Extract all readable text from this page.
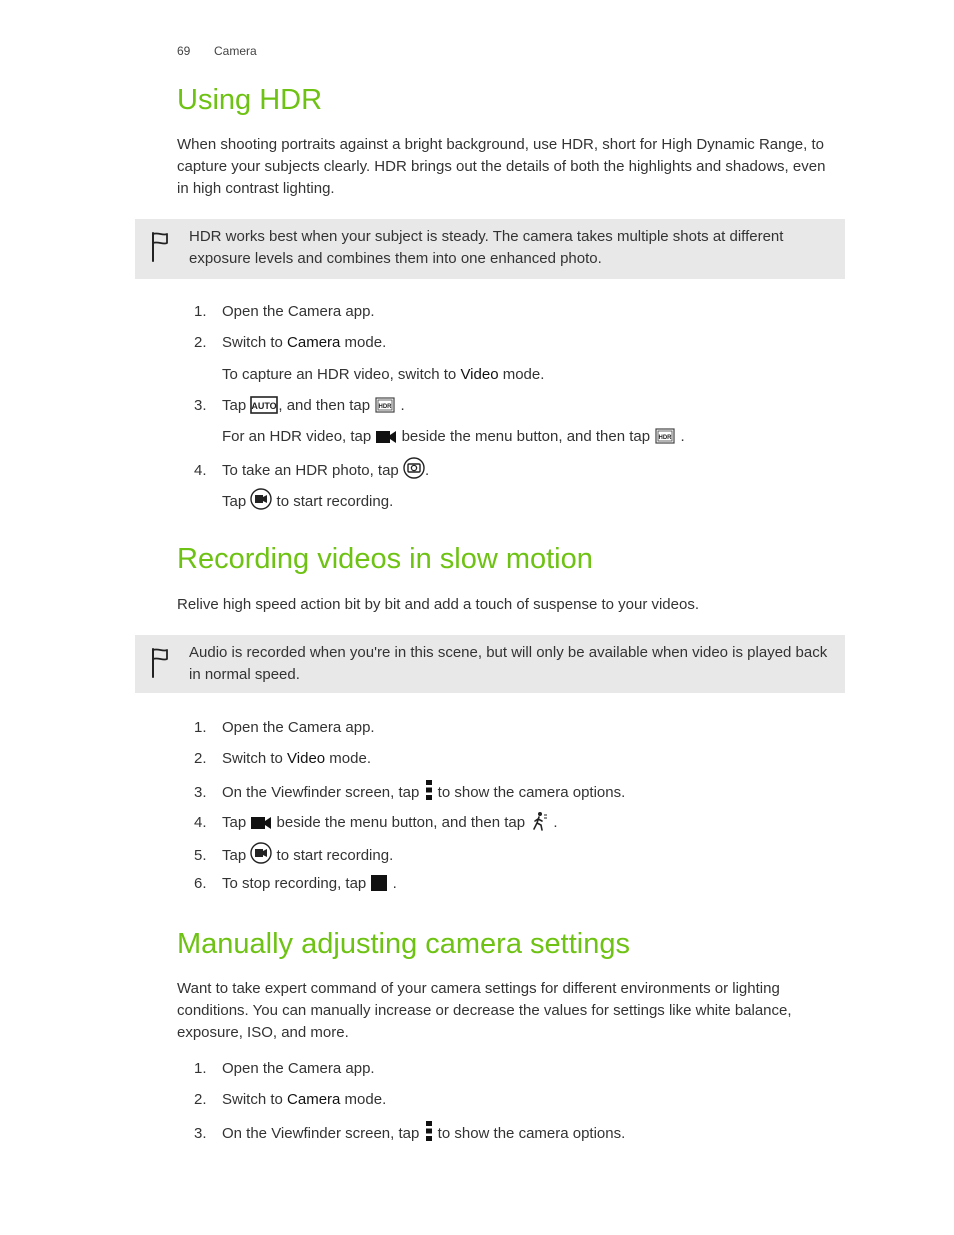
69 Camera
Using HDR

When shooting portraits against a bright background, use HDR, short for High Dynamic Range, to capture your subjects clearly. HDR brings out the details of both the highlights and shadows, even in high contrast lighting.

HDR works best when your subject is steady. The camera takes multiple shots at different exposure levels and combines them into one enhanced photo.
1. Open the Camera app.
2. Switch to Camera mode.
To capture an HDR video, switch to Video mode.
3. Tap AUTO , and then tap HDR .
For an HDR video, tap
beside the menu button, and then tap HDR .
4. To take an HDR photo, tap
.
Tap
to start recording.
Recording videos in slow motion

Relive high speed action bit by bit and add a touch of suspense to your videos.

Audio is recorded when you're in this scene, but will only be available when video is played back in normal speed.
1. Open the Camera app.
2. Switch to Video mode.
3. On the Viewfinder screen, tap
to show the camera options.
4. Tap
beside the menu button, and then tap
.
5. Tap
to start recording.
6. To stop recording, tap
.
Manually adjusting camera settings

Want to take expert command of your camera settings for different environments or lighting conditions. You can manually increase or decrease the values for settings like white balance, exposure, ISO, and more.

1. Open the Camera app.
2. Switch to Camera mode.
3. On the Viewfinder screen, tap
to show the camera options.
